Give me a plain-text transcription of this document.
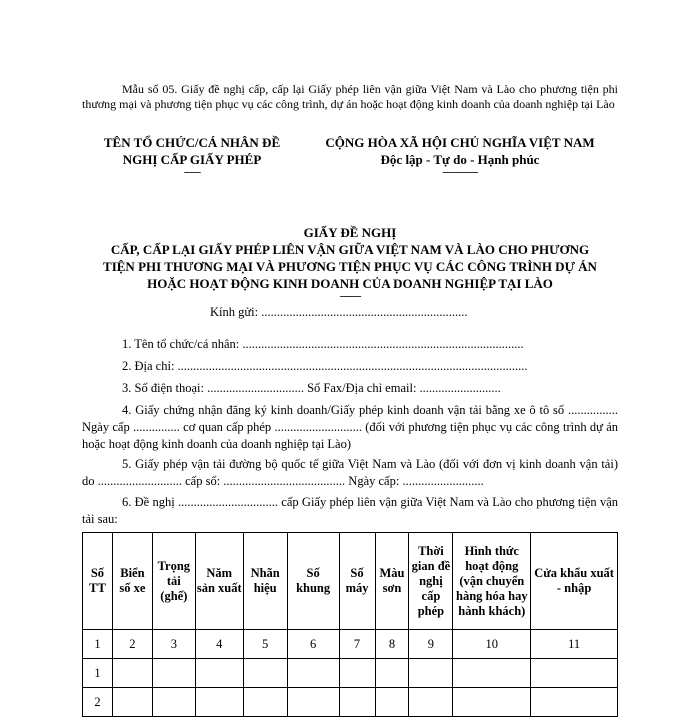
Mẫu số 05. Giấy đề nghị cấp, cấp lại Giấy phép liên vận giữa Việt Nam và Lào cho phương tiện phi thương mại và phương tiện phục vụ các công trình, dự án hoặc hoạt động kinh doanh của doanh nghiệp tại Lào
TÊN TỔ CHỨC/CÁ NHÂN ĐỀ
NGHỊ CẤP GIẤY PHÉP
-------
CỘNG HÒA XÃ HỘI CHỦ NGHĨA VIỆT NAM
Độc lập - Tự do - Hạnh phúc
---------------
GIẤY ĐỀ NGHỊ
CẤP, CẤP LẠI GIẤY PHÉP LIÊN VẬN GIỮA VIỆT NAM VÀ LÀO CHO PHƯƠNG
TIỆN PHI THƯƠNG MẠI VÀ PHƯƠNG TIỆN PHỤC VỤ CÁC CÔNG TRÌNH DỰ ÁN
HOẶC HOẠT ĐỘNG KINH DOANH CỦA DOANH NGHIỆP TẠI LÀO
---------
Kính gửi: ..................................................................
1. Tên tổ chức/cá nhân: ..........................................................................................
2. Địa chỉ: ................................................................................................................
3. Số điện thoại: ............................... Số Fax/Địa chỉ email: ..........................
4. Giấy chứng nhận đăng ký kinh doanh/Giấy phép kinh doanh vận tải bằng xe ô tô số ................ Ngày cấp ............... cơ quan cấp phép ............................ (đối với phương tiện phục vụ các công trình dự án hoặc hoạt động kinh doanh của doanh nghiệp tại Lào)
5. Giấy phép vận tải đường bộ quốc tế giữa Việt Nam và Lào (đối với đơn vị kinh doanh vận tải) do ........................... cấp số: ....................................... Ngày cấp: ..........................
6. Đề nghị ................................ cấp Giấy phép liên vận giữa Việt Nam và Lào cho phương tiện vận tải sau:
Số TT	Biển số xe	Trọng tải (ghế)	Năm sản xuất	Nhãn hiệu	Số khung	Số máy	Màu sơn	Thời gian đề nghị cấp phép	Hình thức hoạt động (vận chuyển hàng hóa hay hành khách)	Cửa khẩu xuất - nhập
1	2	3	4	5	6	7	8	9	10	11
1										
2										
